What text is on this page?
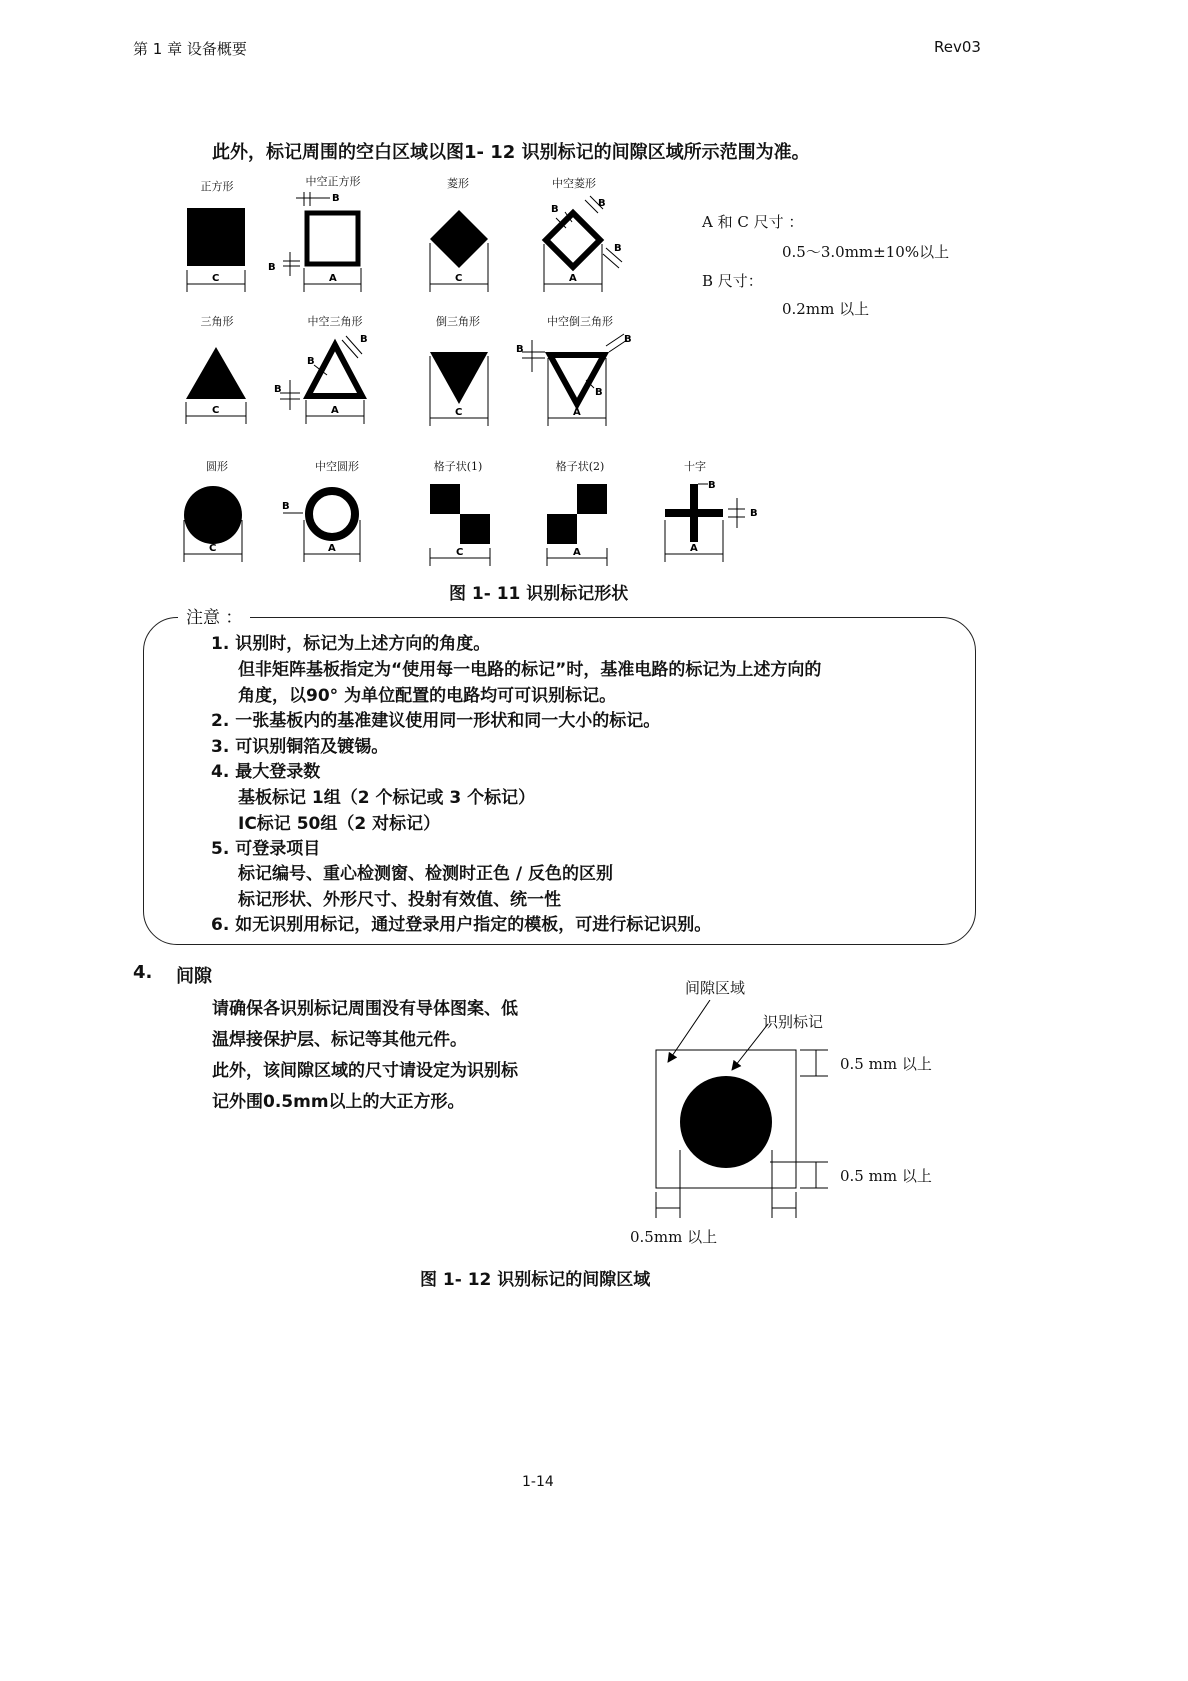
第 1 章 设备概要	Rev03
此外，标记周围的空白区域以图1- 12 识别标记的间隙区域所示范围为准。
正方形	中空正方形	菱形	中空菱形
三角形	中空三角形	倒三角形	中空倒三角形
圆形	中空圆形	格子状(1)	格子状(2)	十字
C	A
B
B
C	A
B
B
B
C	A
B
B
B
C	A
B
B
B
C	A
B
C	A	A
B
B
A 和 C 尺寸 ：
0.5～3.0mm±10%以上
B 尺寸：
0.2mm 以上
图 1- 11 识别标记形状
注意 ：
1. 识别时，标记为上述方向的角度。
但非矩阵基板指定为“使用每一电路的标记”时，基准电路的标记为上述方向的
角度，以90° 为单位配置的电路均可可识别标记。
2. 一张基板内的基准建议使用同一形状和同一大小的标记。
3. 可识别铜箔及镀锡。
4. 最大登录数
基板标记 1组（2 个标记或 3 个标记）
IC标记 50组（2 对标记）
5. 可登录项目
标记编号、重心检测窗、检测时正色 / 反色的区别
标记形状、外形尺寸、投射有效值、统一性
6. 如无识别用标记，通过登录用户指定的模板，可进行标记识别。
4. 间隙
请确保各识别标记周围没有导体图案、低
温焊接保护层、标记等其他元件。
此外，该间隙区域的尺寸请设定为识别标
记外围0.5mm以上的大正方形。
间隙区域
识别标记
0.5 mm 以上
0.5 mm 以上
0.5mm 以上
图 1- 12 识别标记的间隙区域
1-14
